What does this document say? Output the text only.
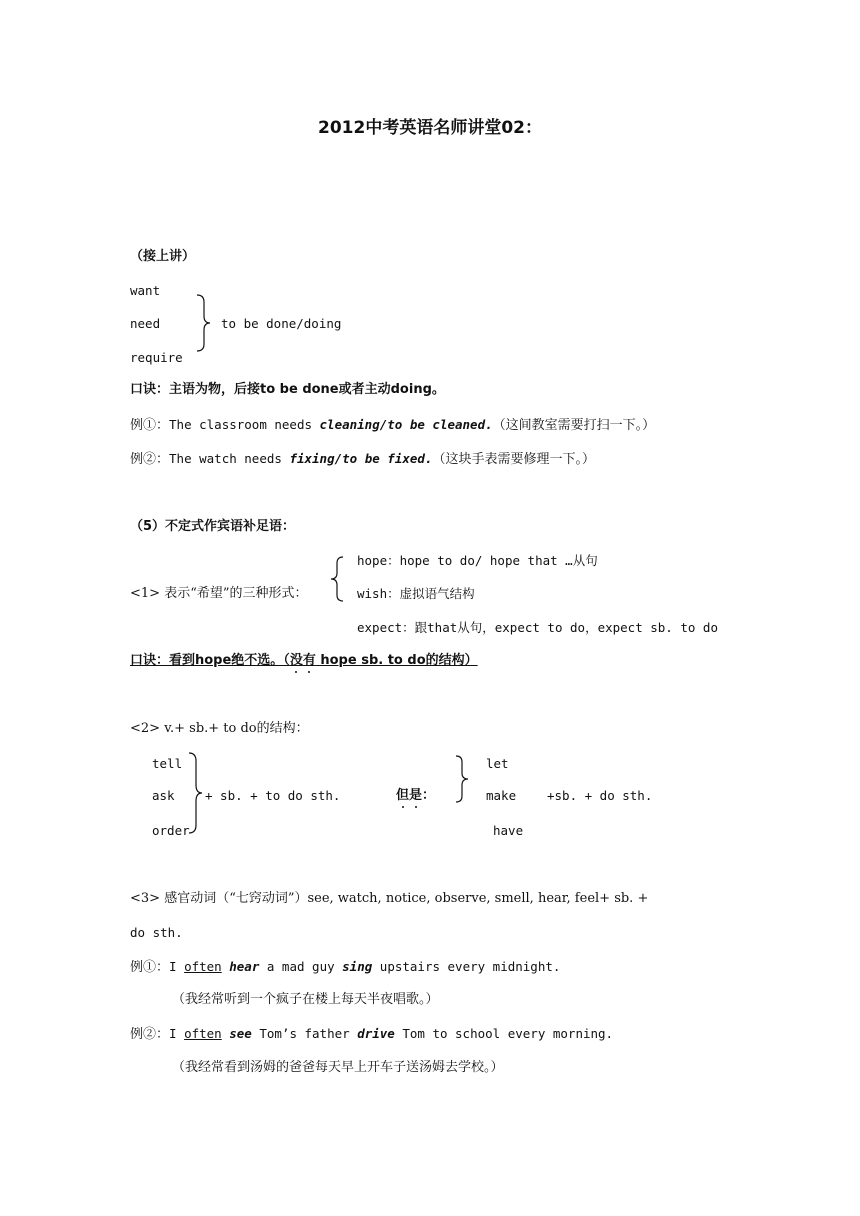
2012中考英语名师讲堂02：
（接上讲）
want
need
require
to be done/doing
口诀：主语为物，后接to be done或者主动doing。
例①：The classroom needs cleaning/to be cleaned.（这间教室需要打扫一下。）
例②：The watch needs fixing/to be fixed.（这块手表需要修理一下。）
（5）不定式作宾语补足语：
hope：hope to do/ hope that …从句
<1> 表示“希望”的三种形式：	wish：虚拟语气结构
expect：跟that从句，expect to do，expect sb. to do
口诀：看到hope绝不选。（没有 hope sb. to do的结构）
<2> v.+ sb.+ to do的结构：
tell
ask
order
+ sb. + to do sth.	但是：
let
make
have
+sb. + do sth.
<3> 感官动词（“七窍动词”）see, watch, notice, observe, smell, hear, feel+ sb. +
do sth.
例①：I often hear a mad guy sing upstairs every midnight.
（我经常听到一个疯子在楼上每天半夜唱歌。）
例②：I often see Tom’s father drive Tom to school every morning.
（我经常看到汤姆的爸爸每天早上开车子送汤姆去学校。）
